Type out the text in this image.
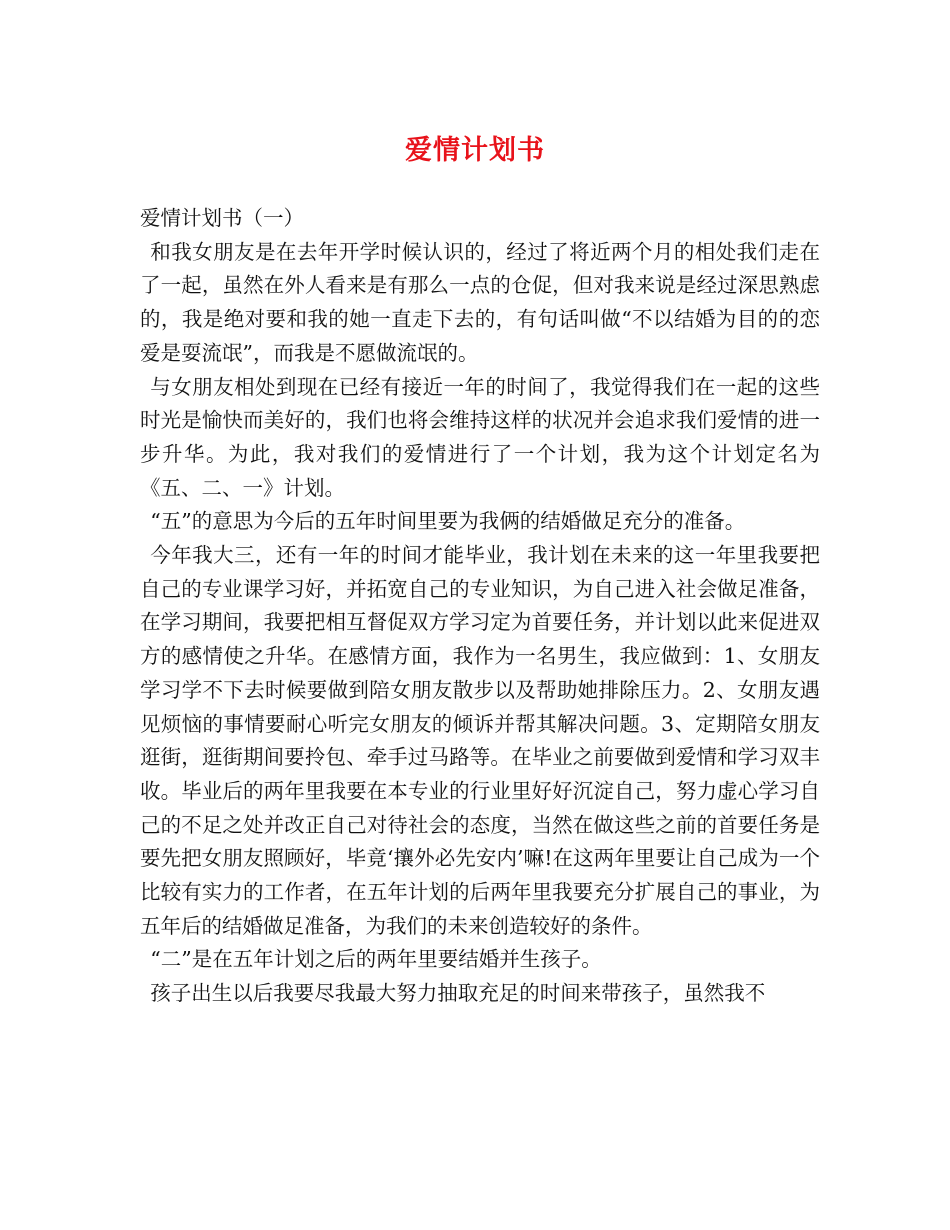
爱情计划书

爱情计划书（一）

和我女朋友是在去年开学时候认识的，经过了将近两个月的相处我们走在了一起，虽然在外人看来是有那么一点的仓促，但对我来说是经过深思熟虑的，我是绝对要和我的她一直走下去的，有句话叫做“不以结婚为目的的恋爱是耍流氓”，而我是不愿做流氓的。

与女朋友相处到现在已经有接近一年的时间了，我觉得我们在一起的这些时光是愉快而美好的，我们也将会维持这样的状况并会追求我们爱情的进一步升华。为此，我对我们的爱情进行了一个计划，我为这个计划定名为《五、二、一》计划。

“五”的意思为今后的五年时间里要为我俩的结婚做足充分的准备。

今年我大三，还有一年的时间才能毕业，我计划在未来的这一年里我要把自己的专业课学习好，并拓宽自己的专业知识，为自己进入社会做足准备，在学习期间，我要把相互督促双方学习定为首要任务，并计划以此来促进双方的感情使之升华。在感情方面，我作为一名男生，我应做到：1、女朋友学习学不下去时候要做到陪女朋友散步以及帮助她排除压力。2、女朋友遇见烦恼的事情要耐心听完女朋友的倾诉并帮其解决问题。3、定期陪女朋友逛街，逛街期间要拎包、牵手过马路等。在毕业之前要做到爱情和学习双丰收。毕业后的两年里我要在本专业的行业里好好沉淀自己，努力虚心学习自己的不足之处并改正自己对待社会的态度，当然在做这些之前的首要任务是要先把女朋友照顾好，毕竟‘攘外必先安内’嘛!在这两年里要让自己成为一个比较有实力的工作者，在五年计划的后两年里我要充分扩展自己的事业，为五年后的结婚做足准备，为我们的未来创造较好的条件。

“二”是在五年计划之后的两年里要结婚并生孩子。

孩子出生以后我要尽我最大努力抽取充足的时间来带孩子，虽然我不
